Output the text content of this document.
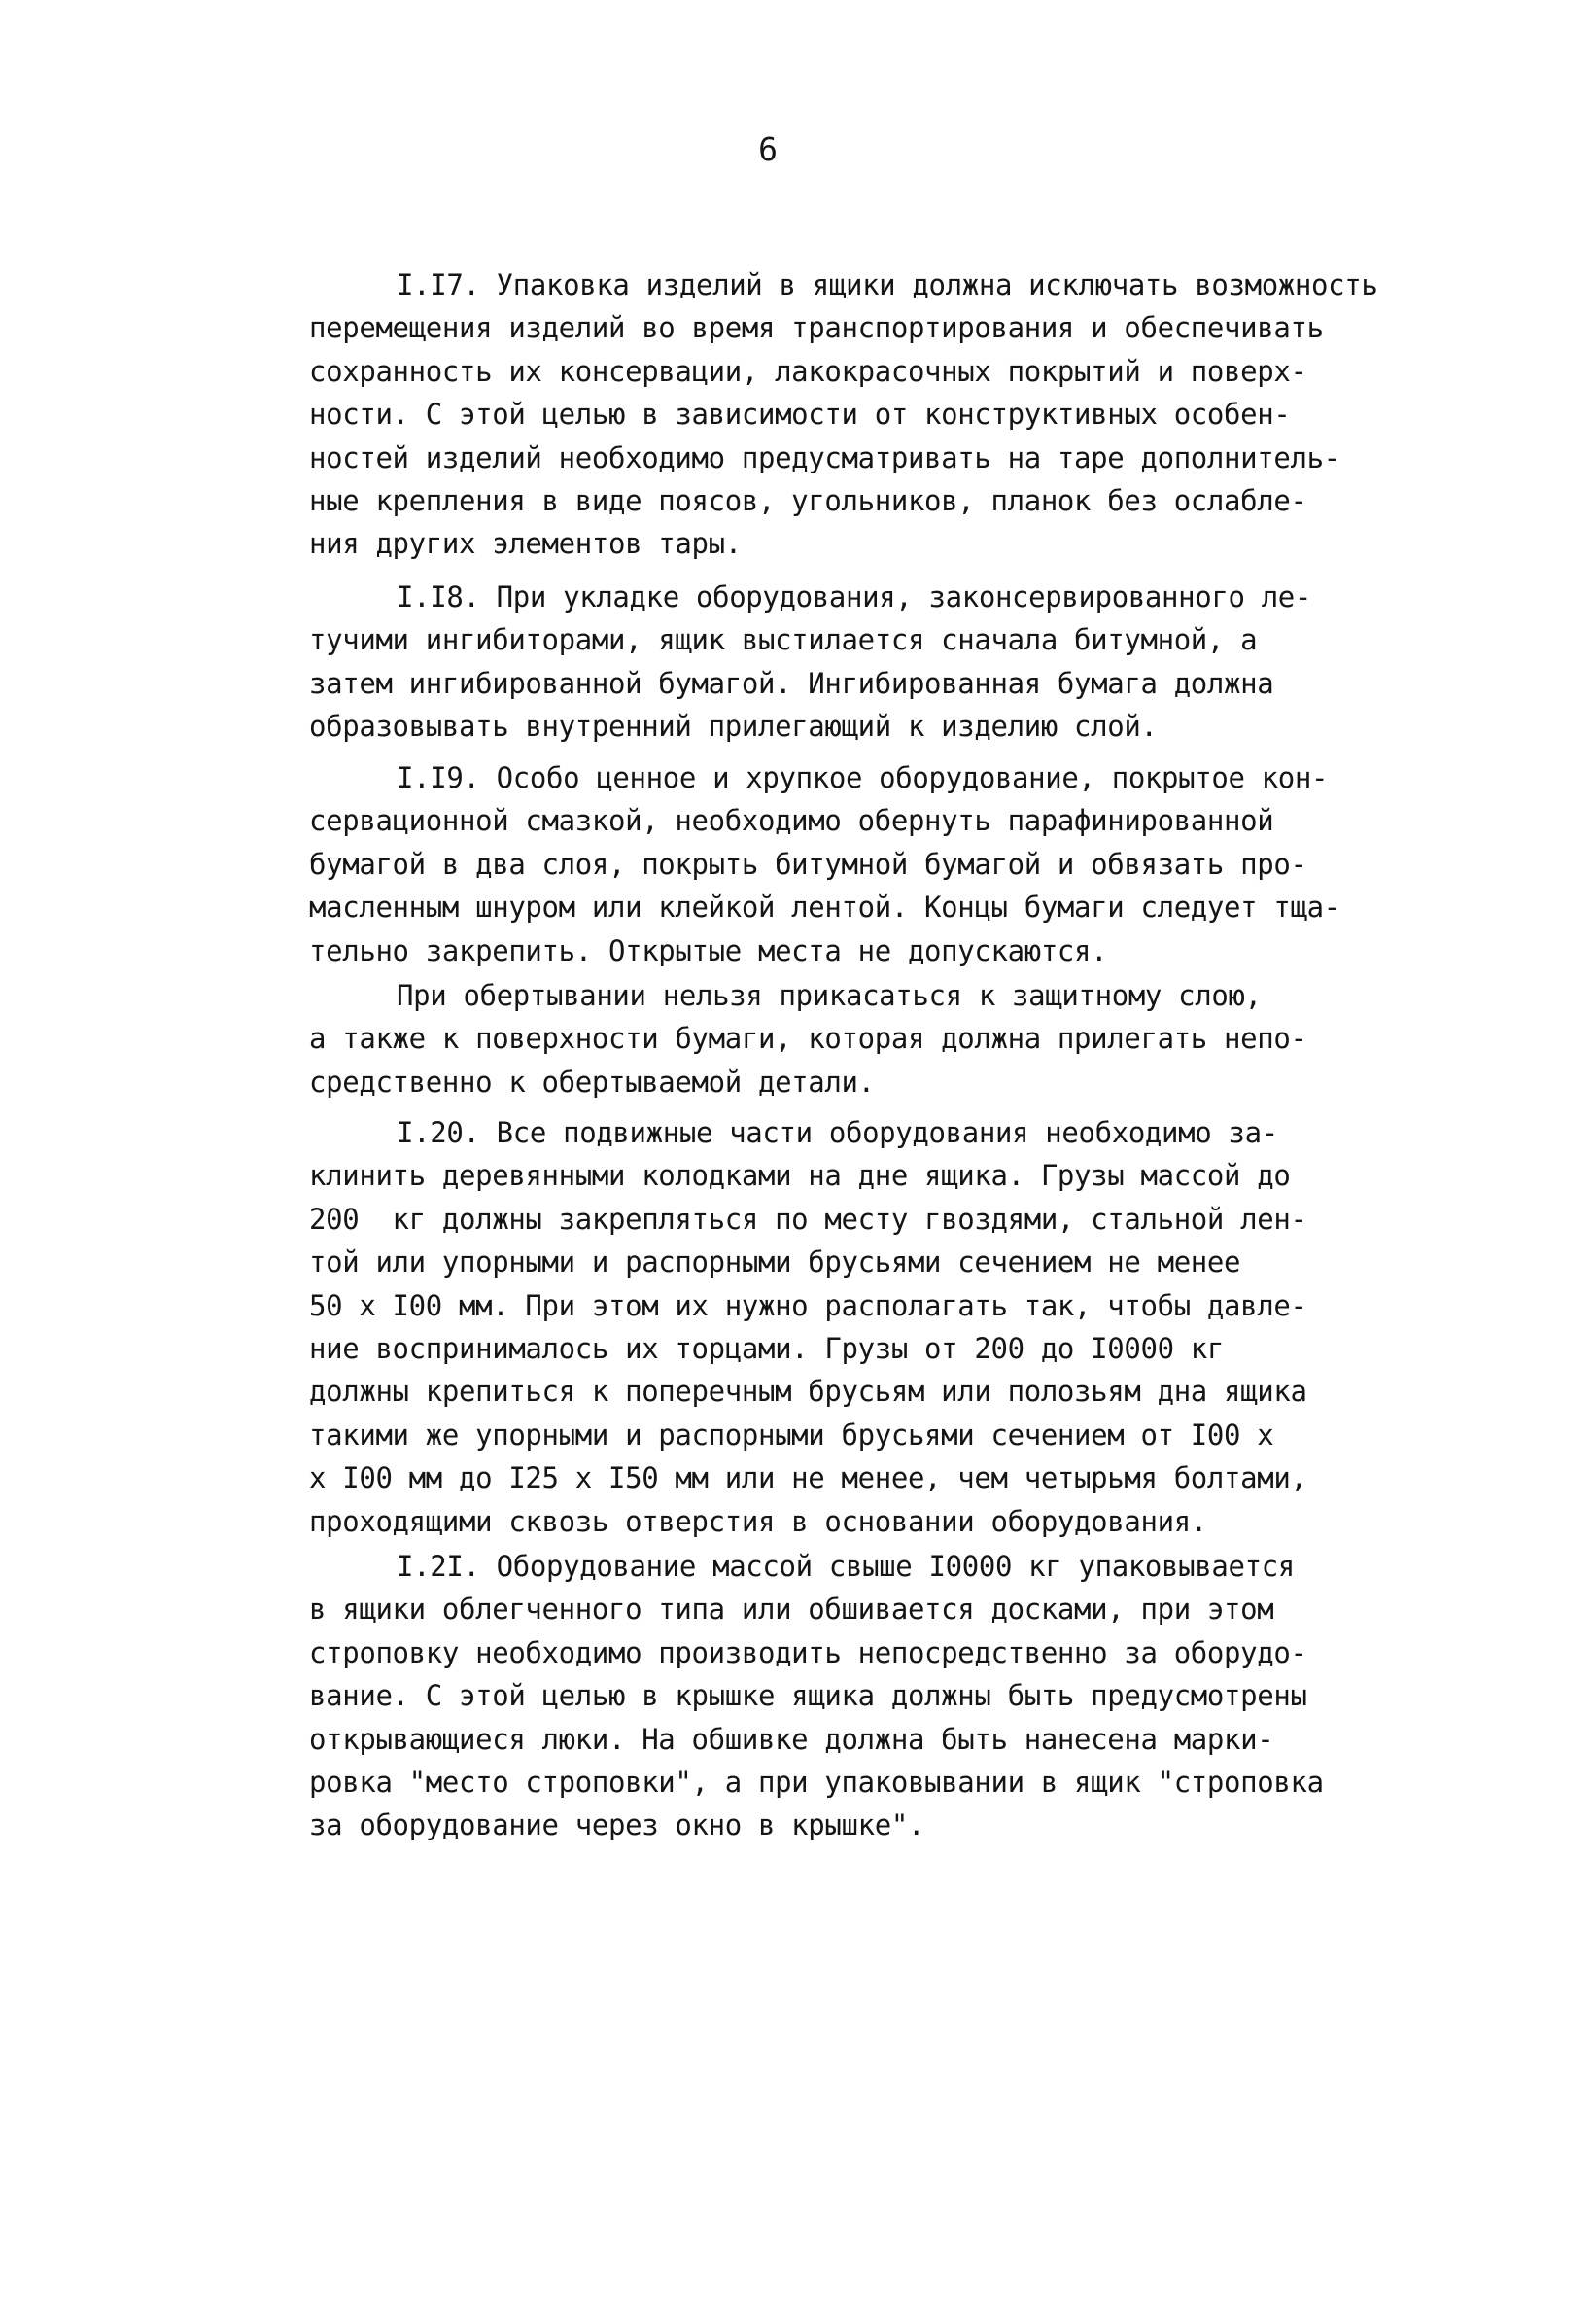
6
I.I7. Упаковка изделий в ящики должна исключать возможность
перемещения изделий во время транспортирования и обеспечивать
сохранность их консервации, лакокрасочных покрытий и поверх-
ности. С этой целью в зависимости от конструктивных особен-
ностей изделий необходимо предусматривать на таре дополнитель-
ные крепления в виде поясов, угольников, планок без ослабле-
ния других элементов тары.
I.I8. При укладке оборудования, законсервированного ле-
тучими ингибиторами, ящик выстилается сначала битумной, а
затем ингибированной бумагой. Ингибированная бумага должна
образовывать внутренний прилегающий к изделию слой.
I.I9. Особо ценное и хрупкое оборудование, покрытое кон-
сервационной смазкой, необходимо обернуть парафинированной
бумагой в два слоя, покрыть битумной бумагой и обвязать про-
масленным шнуром или клейкой лентой. Концы бумаги следует тща-
тельно закрепить. Открытые места не допускаются.
При обертывании нельзя прикасаться к защитному слою,
а также к поверхности бумаги, которая должна прилегать непо-
средственно к обертываемой детали.
I.20. Все подвижные части оборудования необходимо за-
клинить деревянными колодками на дне ящика. Грузы массой до
200  кг должны закрепляться по месту гвоздями, стальной лен-
той или упорными и распорными брусьями сечением не менее
50 х I00 мм. При этом их нужно располагать так, чтобы давле-
ние воспринималось их торцами. Грузы от 200 до I0000 кг
должны крепиться к поперечным брусьям или полозьям дна ящика
такими же упорными и распорными брусьями сечением от I00 х
х I00 мм до I25 х I50 мм или не менее, чем четырьмя болтами,
проходящими сквозь отверстия в основании оборудования.
I.2I. Оборудование массой свыше I0000 кг упаковывается
в ящики облегченного типа или обшивается досками, при этом
строповку необходимо производить непосредственно за оборудо-
вание. С этой целью в крышке ящика должны быть предусмотрены
открывающиеся люки. На обшивке должна быть нанесена марки-
ровка "место строповки", а при упаковывании в ящик "строповка
за оборудование через окно в крышке".
